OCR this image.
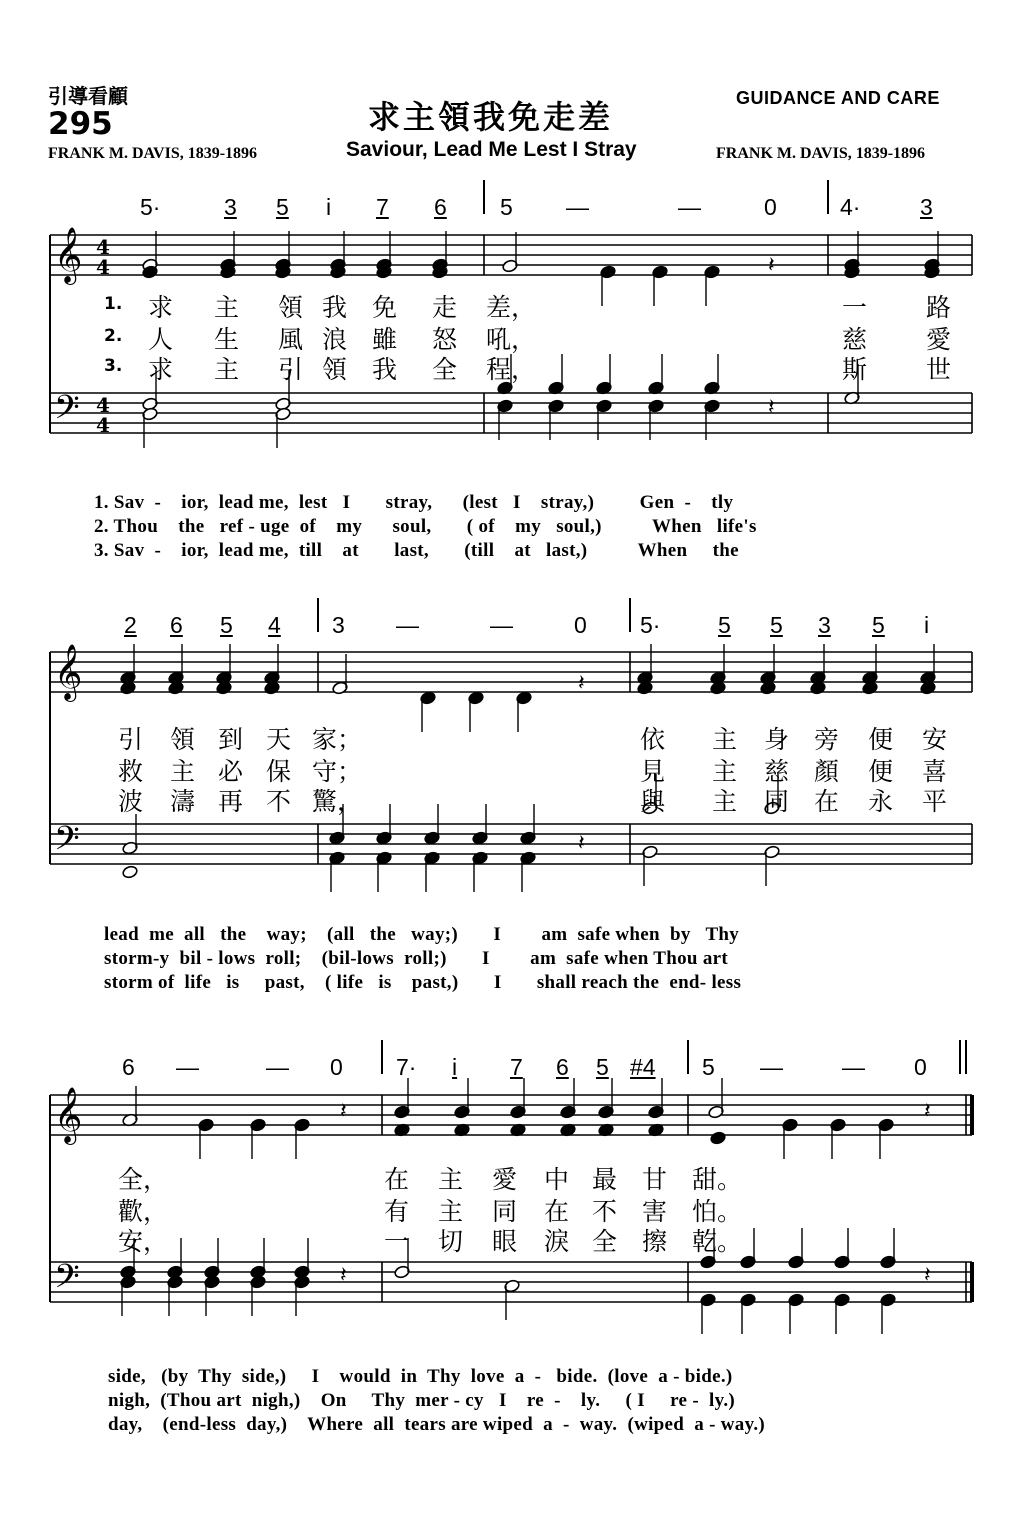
引導看顧
295
GUIDANCE AND CARE
求主領我免走差
Saviour, Lead Me Lest I Stray
FRANK M. DAVIS, 1839-1896	FRANK M. DAVIS, 1839-1896
𝄞
𝄢
4
4
4
4
𝄞
𝄢
𝄞
𝄢
𝄽
𝄽
𝄽
𝄽
𝄽	𝄽
𝄽	𝄽
5·	3 5 i 7 6 5 —	—	0	4·	3
2 6 5 4 3 —	—	0 5·	5 5 3 5 i
6 —	— 0 7· i 7 6 5 #4 5 —	— 0
1. 求 主 領 我 免 走 差，	一 路
2. 人 生 風 浪 雖 怒 吼，	慈 愛
3. 求 主 引 領 我 全 程，	斯 世
引 領 到 天 家；	依 主 身 旁 便 安
救 主 必 保 守；	見 主 慈 顏 便 喜
波 濤 再 不 驚，	與 主 同 在 永 平
全，	在 主 愛 中 最 甘 甜。
歡，	有 主 同 在 不 害 怕。
安，	一 切 眼 淚 全 擦 乾。
1. Sav  -    ior,  lead me,  lest   I       stray,      (lest   I    stray,)         Gen  -    tly
2. Thou    the   ref - uge  of    my      soul,       ( of    my   soul,)          When   life's
3. Sav  -    ior,  lead me,  till    at       last,       (till    at   last,)          When     the
lead  me  all   the    way;    (all   the   way;)       I        am  safe when  by   Thy
storm-y  bil - lows  roll;    (bil-lows  roll;)       I        am  safe when Thou art
storm of  life   is     past,    ( life   is    past,)       I       shall reach the  end- less
side,   (by  Thy  side,)     I    would  in  Thy  love  a  -   bide.  (love  a - bide.)
nigh,  (Thou art  nigh,)    On     Thy  mer - cy   I    re  -    ly.     ( I     re -  ly.)
day,    (end-less  day,)    Where  all  tears are wiped  a  -  way.  (wiped  a - way.)
